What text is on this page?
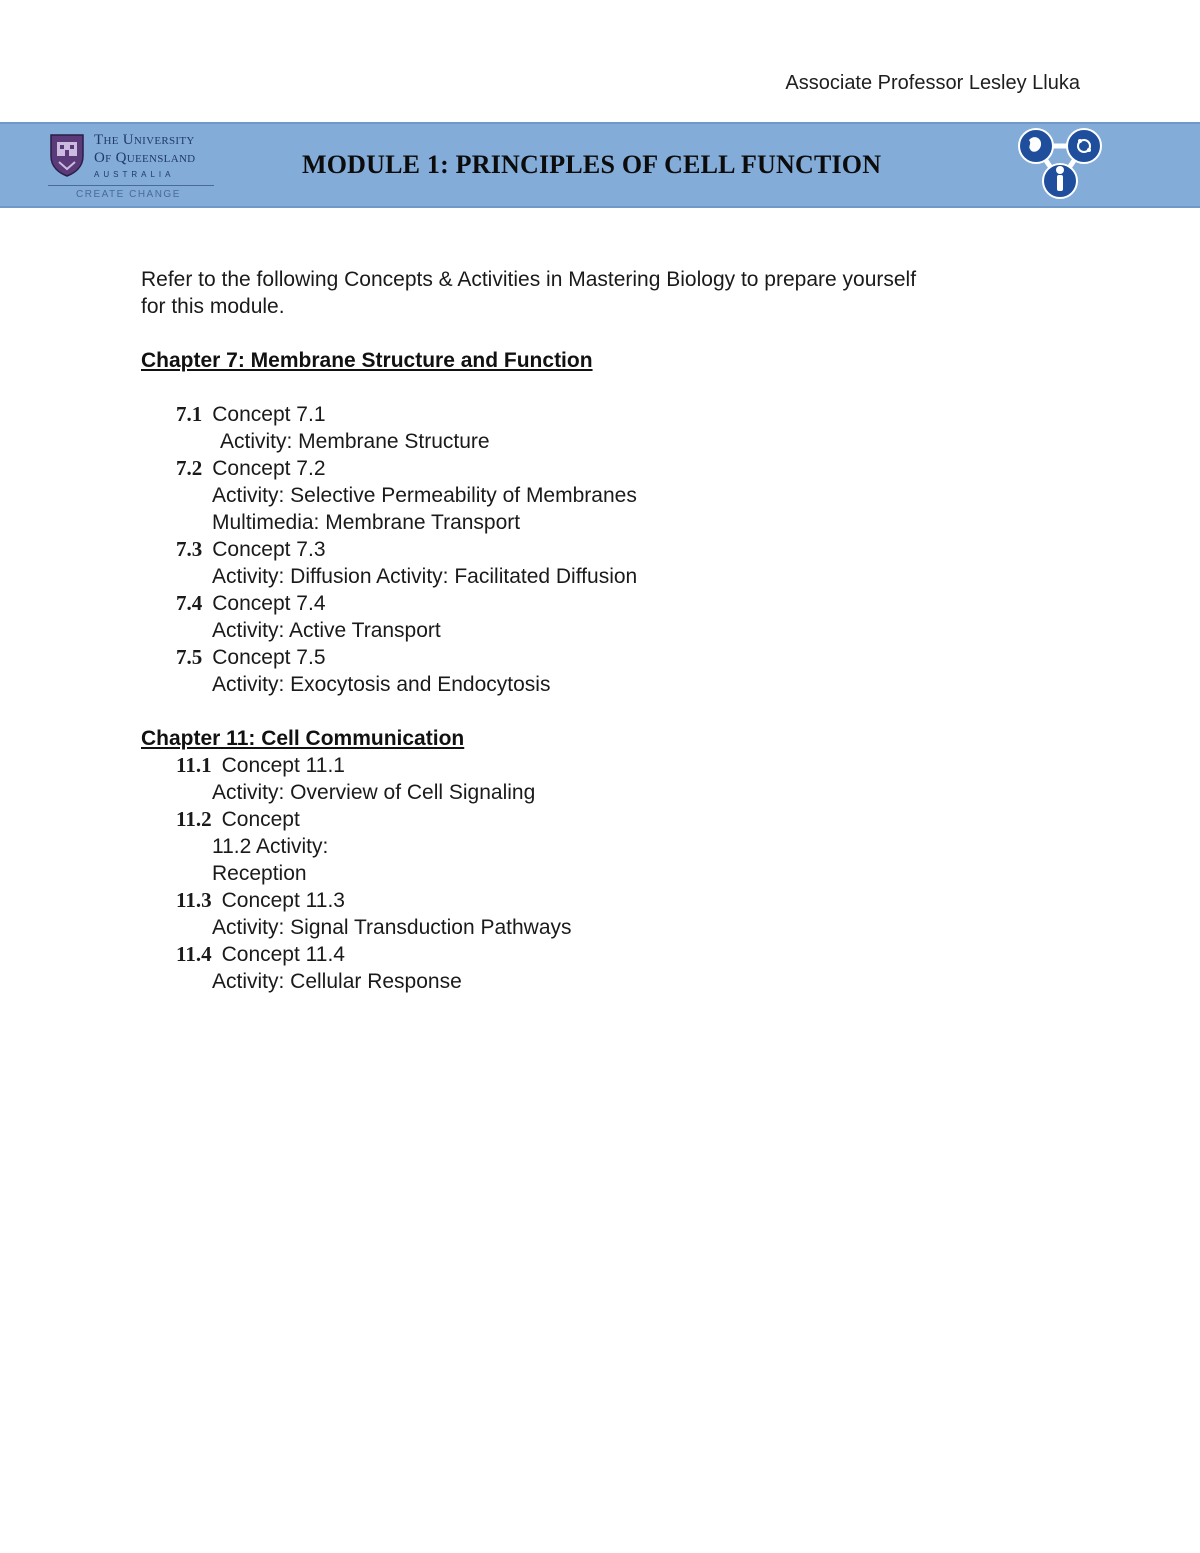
Associate Professor Lesley Lluka
The University
Of Queensland
AUSTRALIA
CREATE CHANGE
MODULE 1: PRINCIPLES OF CELL FUNCTION

Refer to the following Concepts & Activities in Mastering Biology to prepare yourself
for this module.

Chapter 7: Membrane Structure and Function
7.1 Concept 7.1
Activity: Membrane Structure
7.2 Concept 7.2
Activity: Selective Permeability of Membranes
Multimedia: Membrane Transport
7.3 Concept 7.3
Activity: Diffusion Activity: Facilitated Diffusion
7.4 Concept 7.4
Activity: Active Transport
7.5 Concept 7.5
Activity: Exocytosis and Endocytosis
Chapter 11: Cell Communication
11.1 Concept 11.1
Activity: Overview of Cell Signaling
11.2 Concept
11.2 Activity:
Reception
11.3 Concept 11.3
Activity: Signal Transduction Pathways
11.4 Concept 11.4
Activity: Cellular Response
